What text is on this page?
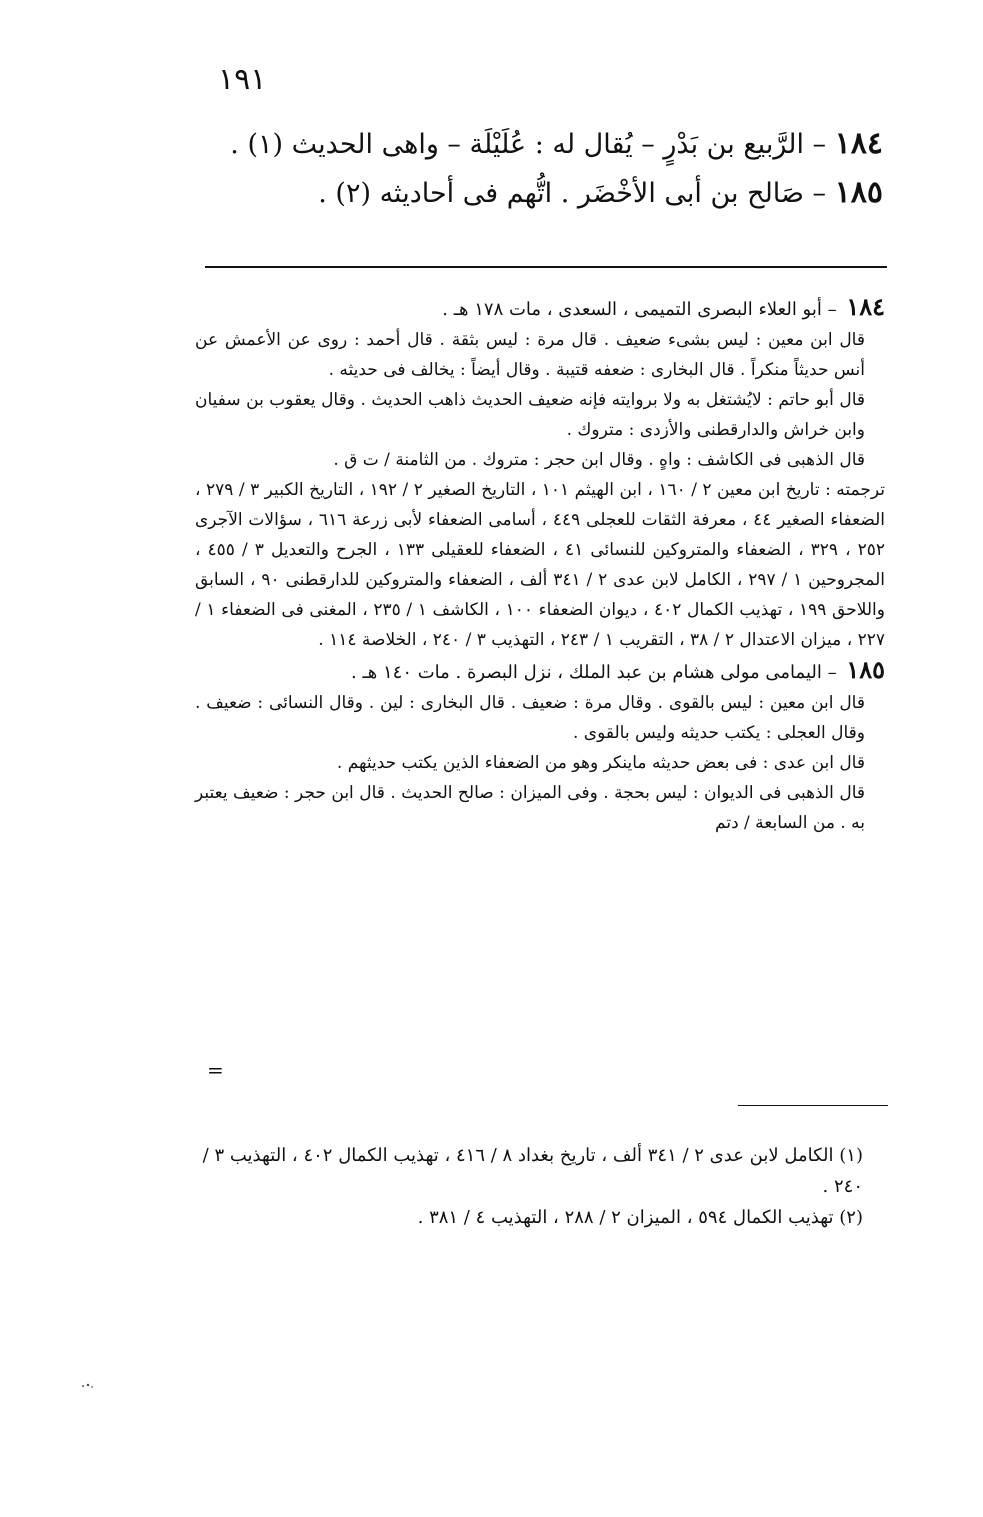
١٩١
١٨٤ – الرَّبيع بن بَدْرٍ – يُقال له : عُلَيْلَة – واهى الحديث (١) .
١٨٥ – صَالح بن أبى الأخْضَر . اتُّهم فى أحاديثه (٢) .
١٨٤ – أبو العلاء البصرى التميمى ، السعدى ، مات ١٧٨ هـ .
قال ابن معين : ليس بشىء ضعيف . قال مرة : ليس بثقة . قال أحمد : روى عن الأعمش عن أنس حديثاً منكراً . قال البخارى : ضعفه قتيبة . وقال أيضاً : يخالف فى حديثه .
قال أبو حاتم : لايُشتغل به ولا بروايته فإنه ضعيف الحديث ذاهب الحديث . وقال يعقوب بن سفيان وابن خراش والدارقطنى والأزدى : متروك .
قال الذهبى فى الكاشف : واهٍ . وقال ابن حجر : متروك . من الثامنة / ت ق .
ترجمته : تاريخ ابن معين ٢ / ١٦٠ ، ابن الهيثم ١٠١ ، التاريخ الصغير ٢ / ١٩٢ ، التاريخ الكبير ٣ / ٢٧٩ ، الضعفاء الصغير ٤٤ ، معرفة الثقات للعجلى ٤٤٩ ، أسامى الضعفاء لأبى زرعة ٦١٦ ، سؤالات الآجرى ٢٥٢ ، ٣٢٩ ، الضعفاء والمتروكين للنسائى ٤١ ، الضعفاء للعقيلى ١٣٣ ، الجرح والتعديل ٣ / ٤٥٥ ، المجروحين ١ / ٢٩٧ ، الكامل لابن عدى ٢ / ٣٤١ ألف ، الضعفاء والمتروكين للدارقطنى ٩٠ ، السابق واللاحق ١٩٩ ، تهذيب الكمال ٤٠٢ ، ديوان الضعفاء ١٠٠ ، الكاشف ١ / ٢٣٥ ، المغنى فى الضعفاء ١ / ٢٢٧ ، ميزان الاعتدال ٢ / ٣٨ ، التقريب ١ / ٢٤٣ ، التهذيب ٣ / ٢٤٠ ، الخلاصة ١١٤ .
١٨٥ – اليمامى مولى هشام بن عبد الملك ، نزل البصرة . مات ١٤٠ هـ .
قال ابن معين : ليس بالقوى . وقال مرة : ضعيف . قال البخارى : لين . وقال النسائى : ضعيف . وقال العجلى : يكتب حديثه وليس بالقوى .
قال ابن عدى : فى بعض حديثه ماينكر وهو من الضعفاء الذين يكتب حديثهم .
قال الذهبى فى الديوان : ليس بحجة . وفى الميزان : صالح الحديث . قال ابن حجر : ضعيف يعتبر به . من السابعة / دتم
=
(١) الكامل لابن عدى ٢ / ٣٤١ ألف ، تاريخ بغداد ٨ / ٤١٦ ، تهذيب الكمال ٤٠٢ ، التهذيب ٣ / ٢٤٠ .
(٢) تهذيب الكمال ٥٩٤ ، الميزان ٢ / ٢٨٨ ، التهذيب ٤ / ٣٨١ .
